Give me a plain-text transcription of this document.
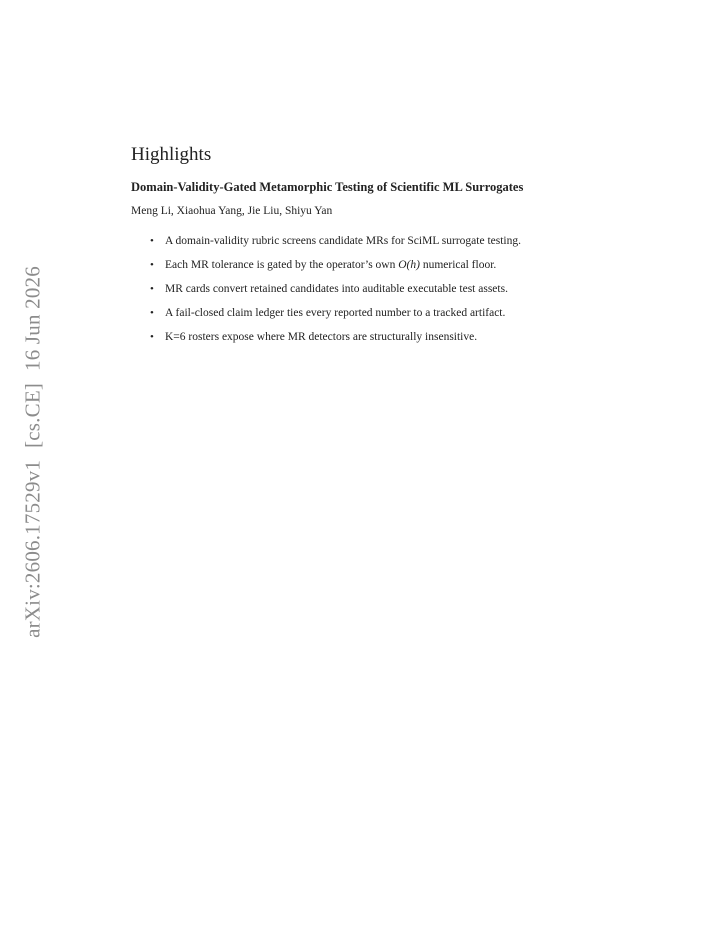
arXiv:2606.17529v1[cs.CE]16 Jun 2026
Highlights
Domain-Validity-Gated Metamorphic Testing of Scientific ML Surrogates
Meng Li, Xiaohua Yang, Jie Liu, Shiyu Yan
• A domain-validity rubric screens candidate MRs for SciML surrogate testing.
• Each MR tolerance is gated by the operator’s own O(h) numerical floor.
• MR cards convert retained candidates into auditable executable test assets.
• A fail-closed claim ledger ties every reported number to a tracked artifact.
• K=6 rosters expose where MR detectors are structurally insensitive.
